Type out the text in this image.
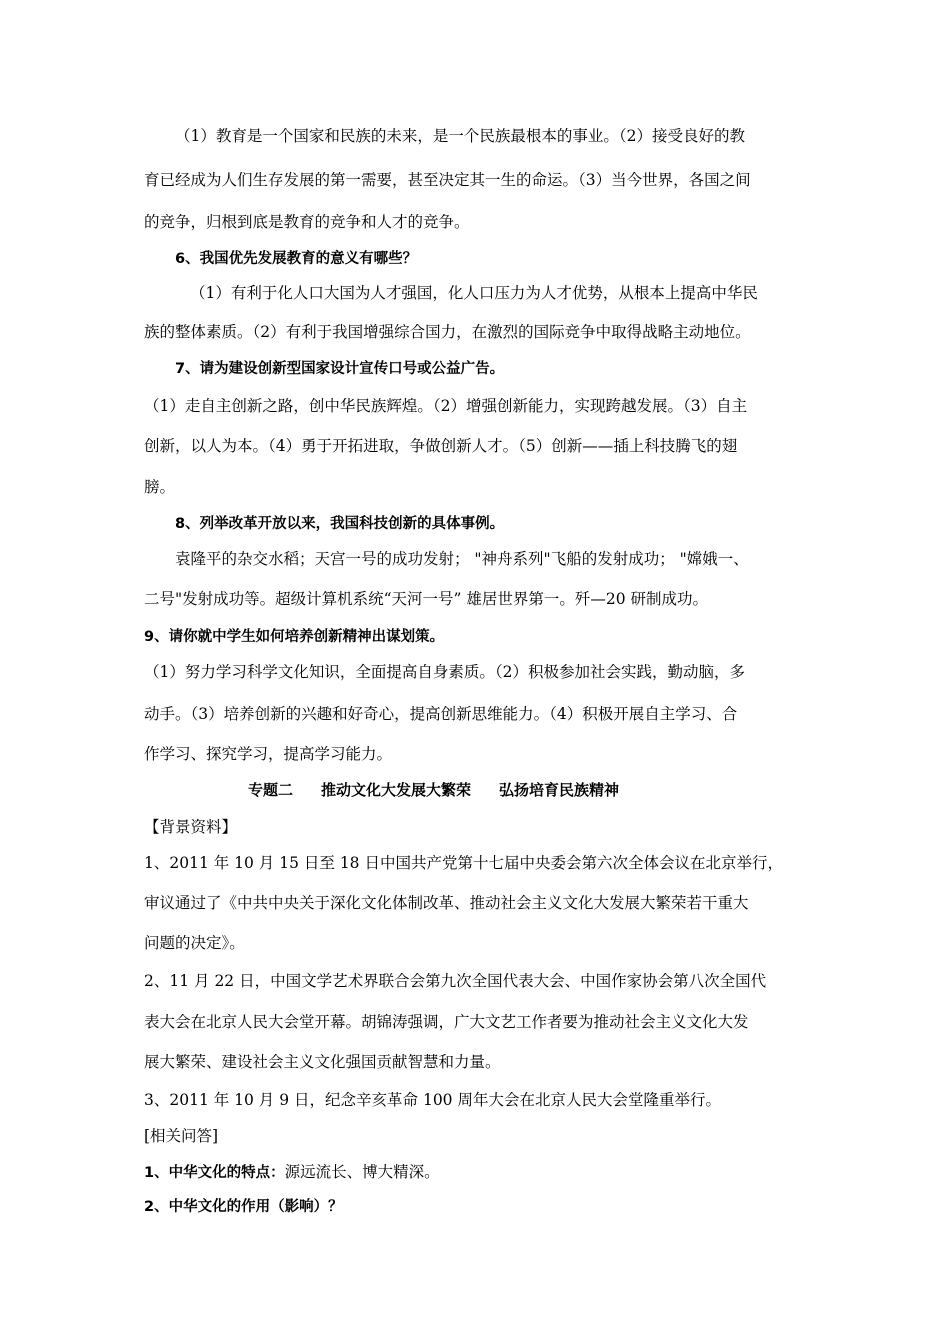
（1）教育是一个国家和民族的未来，是一个民族最根本的事业。（2）接受良好的教
育已经成为人们生存发展的第一需要，甚至决定其一生的命运。（3）当今世界，各国之间
的竞争，归根到底是教育的竞争和人才的竞争。
6、我国优先发展教育的意义有哪些？
（1）有利于化人口大国为人才强国，化人口压力为人才优势，从根本上提高中华民
族的整体素质。（2）有利于我国增强综合国力，在激烈的国际竞争中取得战略主动地位。
7、请为建设创新型国家设计宣传口号或公益广告。
（1）走自主创新之路，创中华民族辉煌。（2）增强创新能力，实现跨越发展。（3）自主
创新，以人为本。（4）勇于开拓进取，争做创新人才。（5）创新——插上科技腾飞的翅
膀。
8、列举改革开放以来，我国科技创新的具体事例。
袁隆平的杂交水稻；天宫一号的成功发射； "神舟系列"飞船的发射成功； "嫦娥一、
二号"发射成功等。超级计算机系统“天河一号” 雄居世界第一。歼—20 研制成功。
9、请你就中学生如何培养创新精神出谋划策。
（1）努力学习科学文化知识，全面提高自身素质。（2）积极参加社会实践，勤动脑，多
动手。（3）培养创新的兴趣和好奇心，提高创新思维能力。（4）积极开展自主学习、合
作学习、探究学习，提高学习能力。
专题二 推动文化大发展大繁荣 弘扬培育民族精神
【背景资料】
1、2011 年 10 月 15 日至 18 日中国共产党第十七届中央委会第六次全体会议在北京举行，
审议通过了《中共中央关于深化文化体制改革、推动社会主义文化大发展大繁荣若干重大
问题的决定》。
2、11 月 22 日，中国文学艺术界联合会第九次全国代表大会、中国作家协会第八次全国代
表大会在北京人民大会堂开幕。胡锦涛强调，广大文艺工作者要为推动社会主义文化大发
展大繁荣、建设社会主义文化强国贡献智慧和力量。
3、2011 年 10 月 9 日，纪念辛亥革命 100 周年大会在北京人民大会堂隆重举行。
[相关问答]
1、中华文化的特点：源远流长、博大精深。
2、中华文化的作用（影响）？
